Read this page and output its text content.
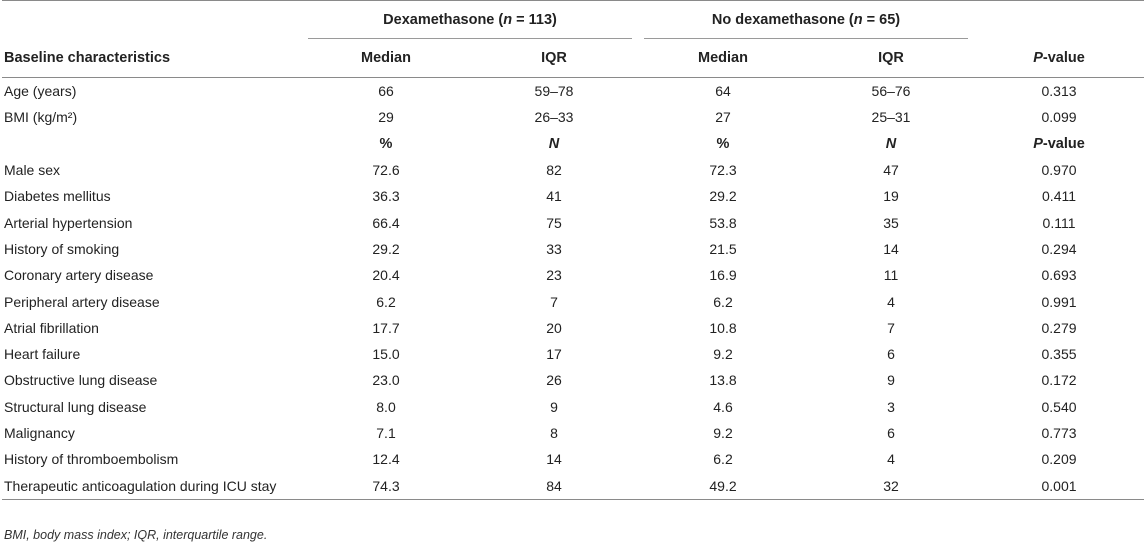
	Dexamethasone (n = 113)		No dexamethasone (n = 65)	

Baseline characteristics	Median	IQR	Median	IQR	P-value
Age (years)	66	59–78	64	56–76	0.313
BMI (kg/m²)	29	26–33	27	25–31	0.099
	%	N	%	N	P-value
Male sex	72.6	82	72.3	47	0.970
Diabetes mellitus	36.3	41	29.2	19	0.411
Arterial hypertension	66.4	75	53.8	35	0.111
History of smoking	29.2	33	21.5	14	0.294
Coronary artery disease	20.4	23	16.9	11	0.693
Peripheral artery disease	6.2	7	6.2	4	0.991
Atrial fibrillation	17.7	20	10.8	7	0.279
Heart failure	15.0	17	9.2	6	0.355
Obstructive lung disease	23.0	26	13.8	9	0.172
Structural lung disease	8.0	9	4.6	3	0.540
Malignancy	7.1	8	9.2	6	0.773
History of thromboembolism	12.4	14	6.2	4	0.209
Therapeutic anticoagulation during ICU stay	74.3	84	49.2	32	0.001
BMI, body mass index; IQR, interquartile range.
